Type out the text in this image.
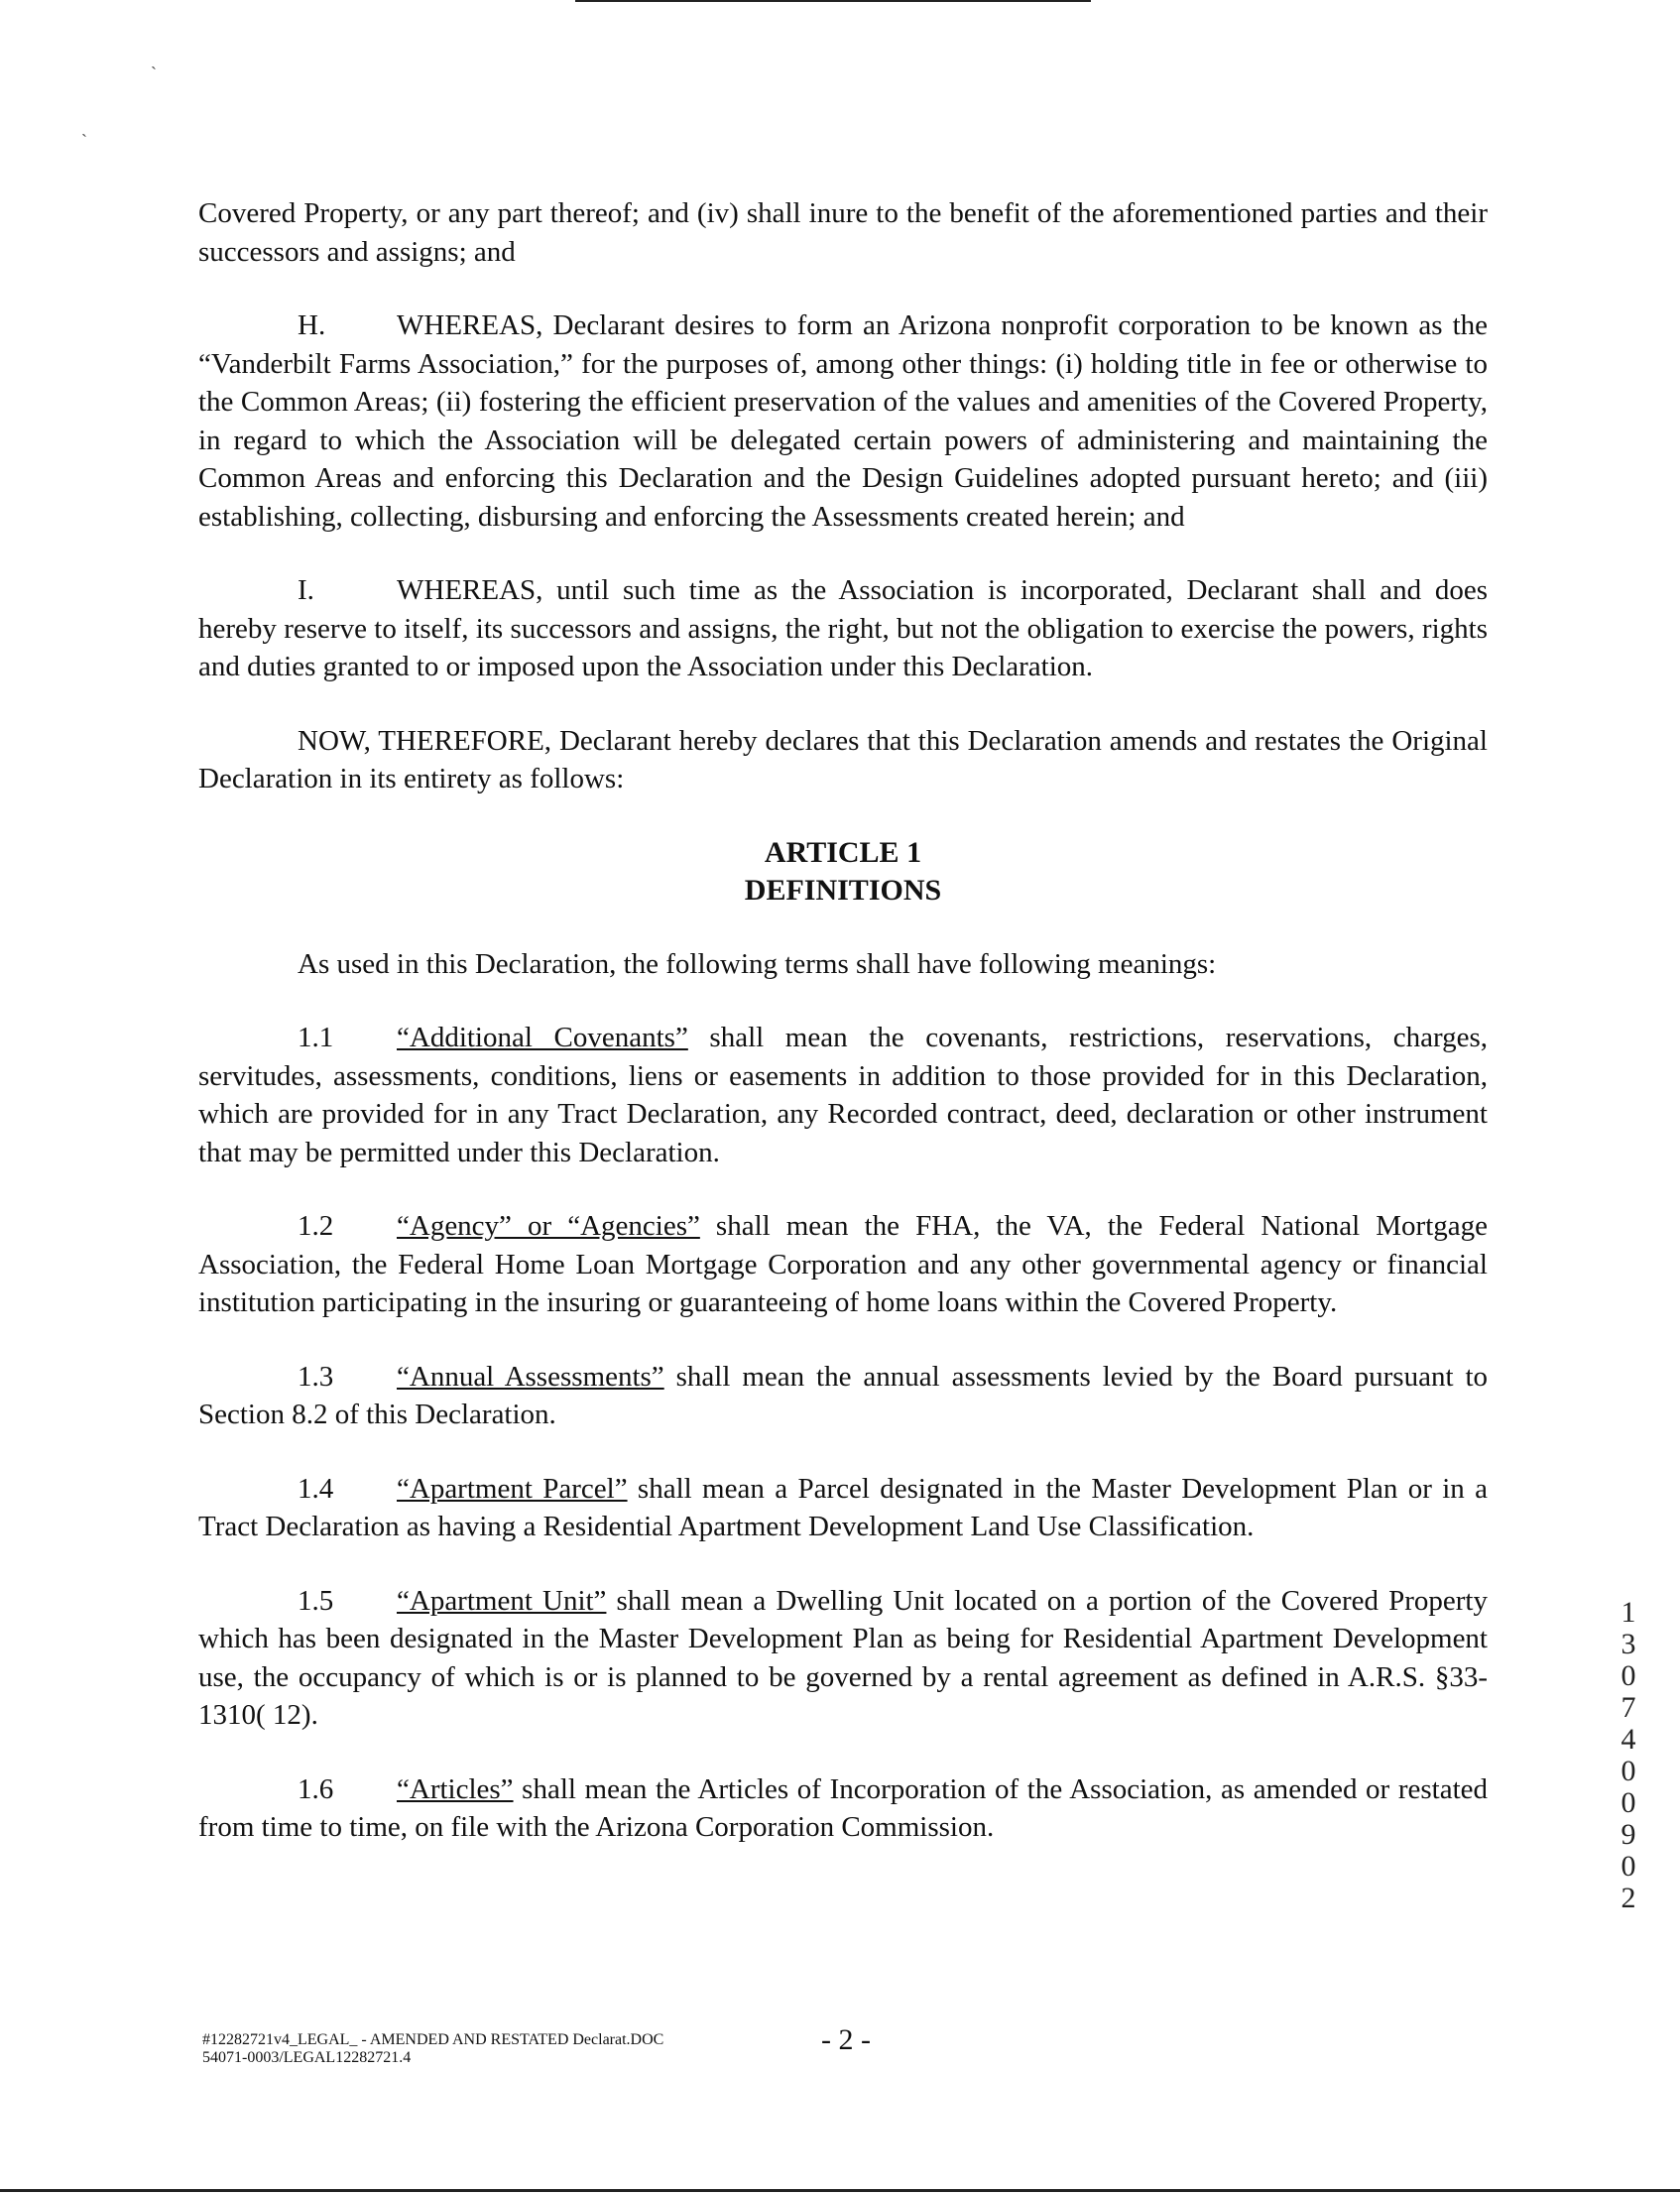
`
`

Covered Property, or any part thereof; and (iv) shall inure to the benefit of the aforementioned parties and their successors and assigns; and

H. WHEREAS, Declarant desires to form an Arizona nonprofit corporation to be known as the “Vanderbilt Farms Association,” for the purposes of, among other things: (i) holding title in fee or otherwise to the Common Areas; (ii) fostering the efficient preservation of the values and amenities of the Covered Property, in regard to which the Association will be delegated certain powers of administering and maintaining the Common Areas and enforcing this Declaration and the Design Guidelines adopted pursuant hereto; and (iii) establishing, collecting, disbursing and enforcing the Assessments created herein; and

I.	WHEREAS, until such time as the Association is incorporated, Declarant shall and does hereby reserve to itself, its successors and assigns, the right, but not the obligation to exercise the powers, rights and duties granted to or imposed upon the Association under this Declaration.

NOW, THEREFORE, Declarant hereby declares that this Declaration amends and restates the Original Declaration in its entirety as follows:

ARTICLE 1
DEFINITIONS

As used in this Declaration, the following terms shall have following meanings:

1.1 “Additional Covenants” shall mean the covenants, restrictions, reservations, charges, servitudes, assessments, conditions, liens or easements in addition to those provided for in this Declaration, which are provided for in any Tract Declaration, any Recorded contract, deed, declaration or other instrument that may be permitted under this Declaration.

1.2 “Agency” or “Agencies” shall mean the FHA, the VA, the Federal National Mortgage Association, the Federal Home Loan Mortgage Corporation and any other governmental agency or financial institution participating in the insuring or guaranteeing of home loans within the Covered Property.

1.3 “Annual Assessments” shall mean the annual assessments levied by the Board pursuant to Section 8.2 of this Declaration.

1.4 “Apartment Parcel” shall mean a Parcel designated in the Master Development Plan or in a Tract Declaration as having a Residential Apartment Development Land Use Classification.

1.5 “Apartment Unit” shall mean a Dwelling Unit located on a portion of the Covered Property which has been designated in the Master Development Plan as being for Residential Apartment Development use, the occupancy of which is or is planned to be governed by a rental agreement as defined in A.R.S. §33-1310( 12).

1.6 “Articles” shall mean the Articles of Incorporation of the Association, as amended or restated from time to time, on file with the Arizona Corporation Commission.

#12282721v4_LEGAL_ - AMENDED AND RESTATED Declarat.DOC
54071-0003/LEGAL12282721.4
- 2 -
1307400902
